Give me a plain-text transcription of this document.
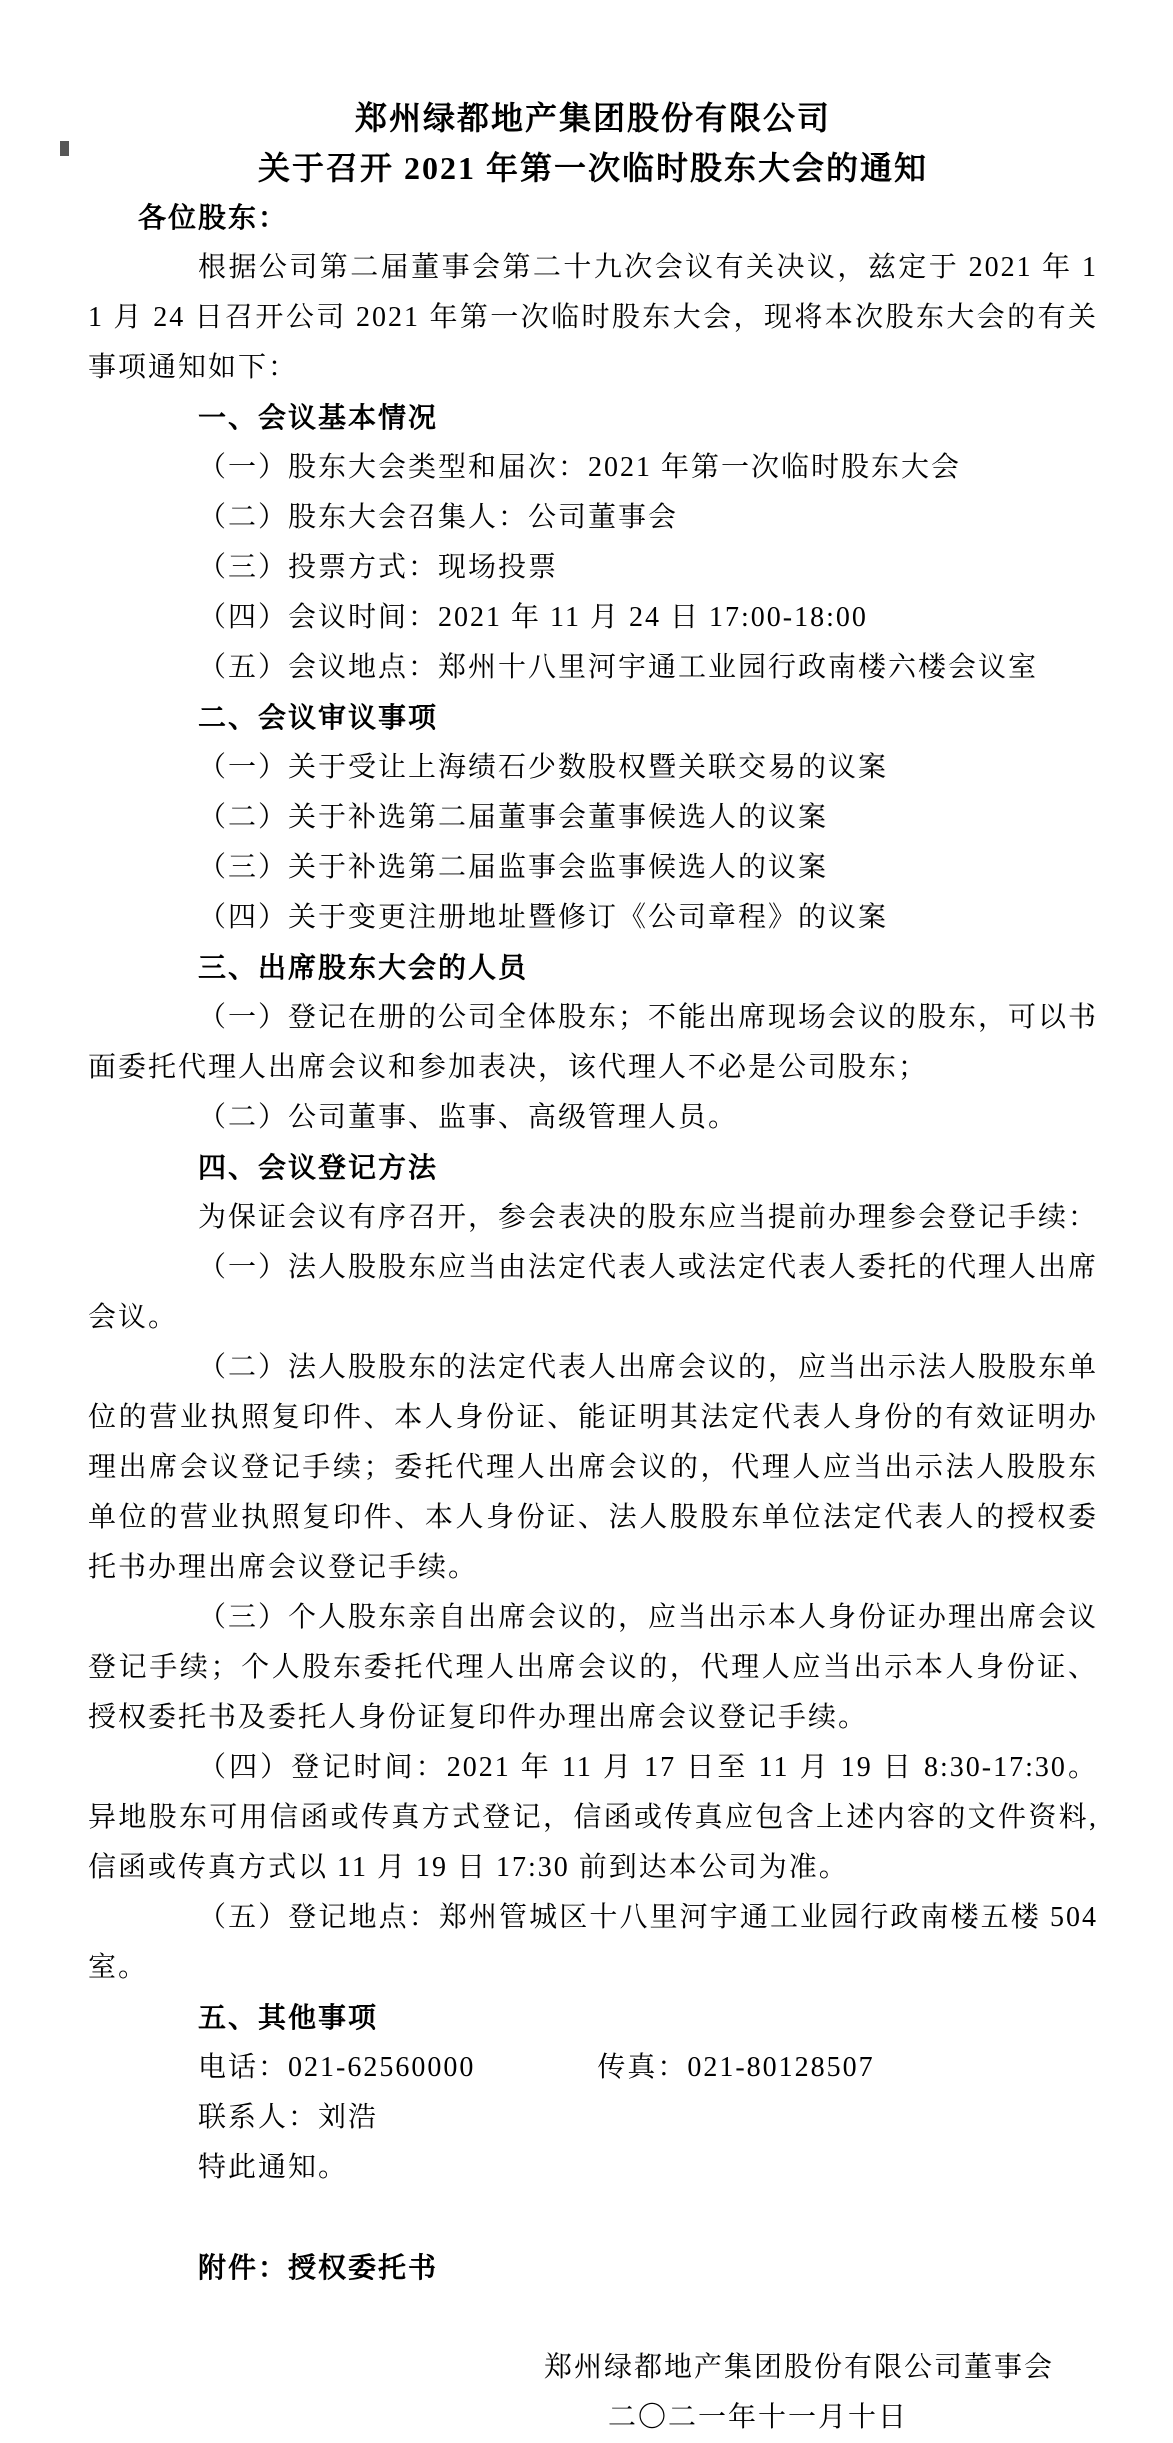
郑州绿都地产集团股份有限公司

关于召开 2021 年第一次临时股东大会的通知

各位股东：

根据公司第二届董事会第二十九次会议有关决议，兹定于 2021 年 11 月 24 日召开公司 2021 年第一次临时股东大会，现将本次股东大会的有关事项通知如下：

一、会议基本情况

（一）股东大会类型和届次：2021 年第一次临时股东大会

（二）股东大会召集人：公司董事会

（三）投票方式：现场投票

（四）会议时间：2021 年 11 月 24 日 17:00-18:00

（五）会议地点：郑州十八里河宇通工业园行政南楼六楼会议室

二、会议审议事项

（一）关于受让上海绩石少数股权暨关联交易的议案

（二）关于补选第二届董事会董事候选人的议案

（三）关于补选第二届监事会监事候选人的议案

（四）关于变更注册地址暨修订《公司章程》的议案

三、出席股东大会的人员

（一）登记在册的公司全体股东；不能出席现场会议的股东，可以书面委托代理人出席会议和参加表决，该代理人不必是公司股东；

（二）公司董事、监事、高级管理人员。

四、会议登记方法

为保证会议有序召开，参会表决的股东应当提前办理参会登记手续：

（一）法人股股东应当由法定代表人或法定代表人委托的代理人出席会议。

（二）法人股股东的法定代表人出席会议的，应当出示法人股股东单位的营业执照复印件、本人身份证、能证明其法定代表人身份的有效证明办理出席会议登记手续；委托代理人出席会议的，代理人应当出示法人股股东单位的营业执照复印件、本人身份证、法人股股东单位法定代表人的授权委托书办理出席会议登记手续。

（三）个人股东亲自出席会议的，应当出示本人身份证办理出席会议登记手续；个人股东委托代理人出席会议的，代理人应当出示本人身份证、授权委托书及委托人身份证复印件办理出席会议登记手续。

（四）登记时间：2021 年 11 月 17 日至 11 月 19 日 8:30-17:30。异地股东可用信函或传真方式登记，信函或传真应包含上述内容的文件资料,信函或传真方式以 11 月 19 日 17:30 前到达本公司为准。

（五）登记地点：郑州管城区十八里河宇通工业园行政南楼五楼 504 室。

五、其他事项

电话：021-62560000	传真：021-80128507

联系人：刘浩

特此通知。

附件：授权委托书

郑州绿都地产集团股份有限公司董事会

二〇二一年十一月十日
